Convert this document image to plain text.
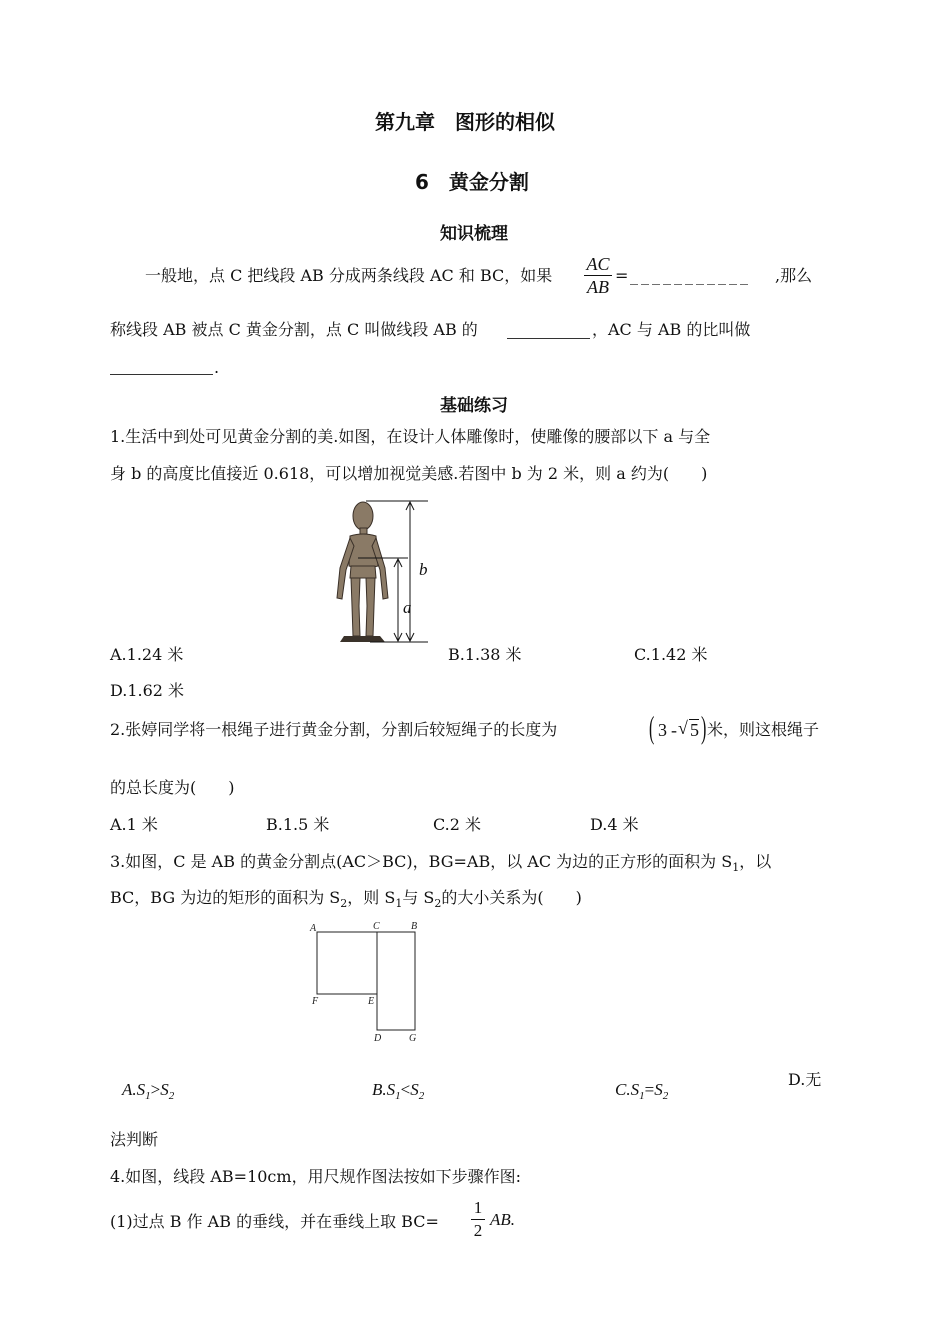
第九章　图形的相似
6　黄金分割
知识梳理
一般地，点 C 把线段 AB 分成两条线段 AC 和 BC，如果
AC
AB
= ___________ ,那么
称线段 AB 被点 C 黄金分割，点 C 叫做线段 AB 的	，AC 与 AB 的比叫做
.
基础练习
1.生活中到处可见黄金分割的美.如图，在设计人体雕像时，使雕像的腰部以下 a 与全
身 b 的高度比值接近 0.618，可以增加视觉美感.若图中 b 为 2 米，则 a 约为(　　)
b
a
A.1.24 米	B.1.38 米	C.1.42 米
D.1.62 米
2.张婷同学将一根绳子进行黄金分割，分割后较短绳子的长度为	( 3 - √ 5 ) 米，则这根绳子
的总长度为(　　)
A.1 米	B.1.5 米	C.2 米	D.4 米
3.如图，C 是 AB 的黄金分割点(AC＞BC)，BG=AB，以 AC 为边的正方形的面积为 $S_1$，以
BC，BG 为边的矩形的面积为 $S_2$，则 $S_1$与 $S_2$的大小关系为(　　)
A	C	B
F	E
D	G
$A.S_1>S_2$	$B.S_1<S_2$	$C.S_1=S_2$
D.无
法判断
4.如图，线段 AB=10cm，用尺规作图法按如下步骤作图:
(1)过点 B 作 AB 的垂线，并在垂线上取 BC=
1
2
AB.
